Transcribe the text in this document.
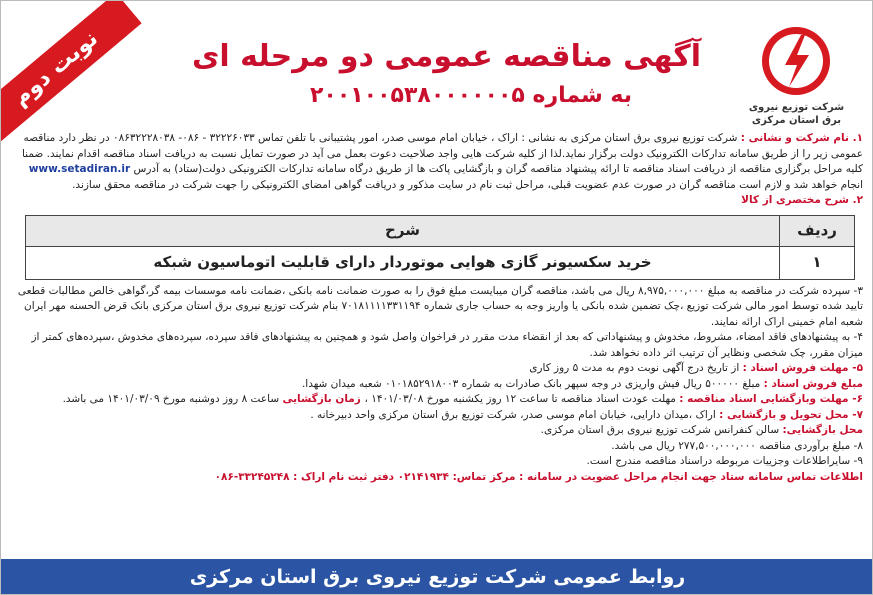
نوبت دوم	آگهی مناقصه عمومی دو مرحله ای
به شماره ۲۰۰۱۰۰۵۳۸۰۰۰۰۰۰۵	شرکت توزیع نیروی برق استان مرکزی

۱. نام شرکت و نشانی : شرکت توزیع نیروی برق استان مرکزی به نشانی : اراک ، خیابان امام موسی صدر، امور پشتیبانی با تلفن تماس ۳۲۲۲۶۰۳۳ - ۰۸۶- ۰۸۶۳۲۲۲۸۰۳۸ در نظر دارد مناقصه عمومی زیر را از طریق سامانه تدارکات الکترونیک دولت برگزار نماید.لذا از کلیه شرکت هایی واجد صلاحیت دعوت بعمل می آید در صورت تمایل نسبت به دریافت اسناد مناقصه اقدام نمایند. ضمنا کلیه مراحل برگزاری مناقصه از دریافت اسناد مناقصه تا ارائه پیشنهاد مناقصه گران و بازگشایی پاکت ها از طریق درگاه سامانه تدارکات الکترونیکی دولت(ستاد) به آدرس www.setadiran.ir انجام خواهد شد و لازم است مناقصه گران در صورت عدم عضویت قبلی، مراحل ثبت نام در سایت مذکور و دریافت گواهی امضای الکترونیکی را جهت شرکت در مناقصه محقق سازند.

۲. شرح مختصری از کالا

ردیف	شرح
۱	خرید سکسیونر گازی هوایی موتوردار دارای قابلیت اتوماسیون شبکه

۳- سپرده شرکت در مناقصه به مبلغ ۸,۹۷۵,۰۰۰,۰۰۰ ریال می باشد، مناقصه گران میبایست مبلغ فوق را به صورت ضمانت نامه بانکی ،ضمانت نامه موسسات بیمه گر،گواهی خالص مطالبات قطعی تایید شده توسط امور مالی شرکت توزیع ،چک تضمین شده بانکی یا واریز وجه به حساب جاری شماره ۷۰۱۸۱۱۱۱۳۳۱۱۹۴ بنام شرکت توزیع نیروی برق استان مرکزی بانک قرض الحسنه مهر ایران شعبه امام خمینی اراک ارائه نمایند.

۴- به پیشنهادهای فاقد امضاء، مشروط، مخدوش و پیشنهاداتی که بعد از انقضاء مدت مقرر در فراخوان واصل شود و همچنین به پیشنهادهای فاقد سپرده، سپرده‌های مخدوش ،سپرده‌های کمتر از میزان مقرر، چک شخصی ونظایر آن ترتیب اثر داده نخواهد شد.

۵- مهلت فروش اسناد : از تاریخ درج آگهی نوبت دوم به مدت ۵ روز کاری

مبلغ فروش اسناد : مبلغ ۵۰۰۰۰۰ ریال فیش واریزی در وجه سپهر بانک صادرات به شماره ۰۱۰۱۸۵۲۹۱۸۰۰۳ شعبه میدان شهدا.

۶- مهلت وبازگشایی اسناد مناقصه : مهلت عودت اسناد مناقصه تا ساعت ۱۲ روز یکشنبه مورخ ۱۴۰۱/۰۳/۰۸ ، زمان بازگشایی ساعت ۸ روز دوشنبه مورخ ۱۴۰۱/۰۳/۰۹ می باشد.

۷- محل تحویل و بازگشایی : اراک ،میدان دارایی، خیابان امام موسی صدر، شرکت توزیع برق استان مرکزی واحد دبیرخانه .

محل بازگشایی: سالن کنفرانس شرکت توزیع نیروی برق استان مرکزی.

۸- مبلغ برآوردی مناقصه ۲۷۷,۵۰۰,۰۰۰,۰۰۰ ریال می باشد.

۹- سایراطلاعات وجزییات مربوطه دراسناد مناقصه مندرج است.

اطلاعات تماس سامانه ستاد جهت انجام مراحل عضویت در سامانه : مرکز تماس: ۰۲۱۴۱۹۳۴ دفتر ثبت نام اراک : ۳۳۲۴۵۲۴۸-۰۸۶

روابط عمومی شرکت توزیع نیروی برق استان مرکزی
